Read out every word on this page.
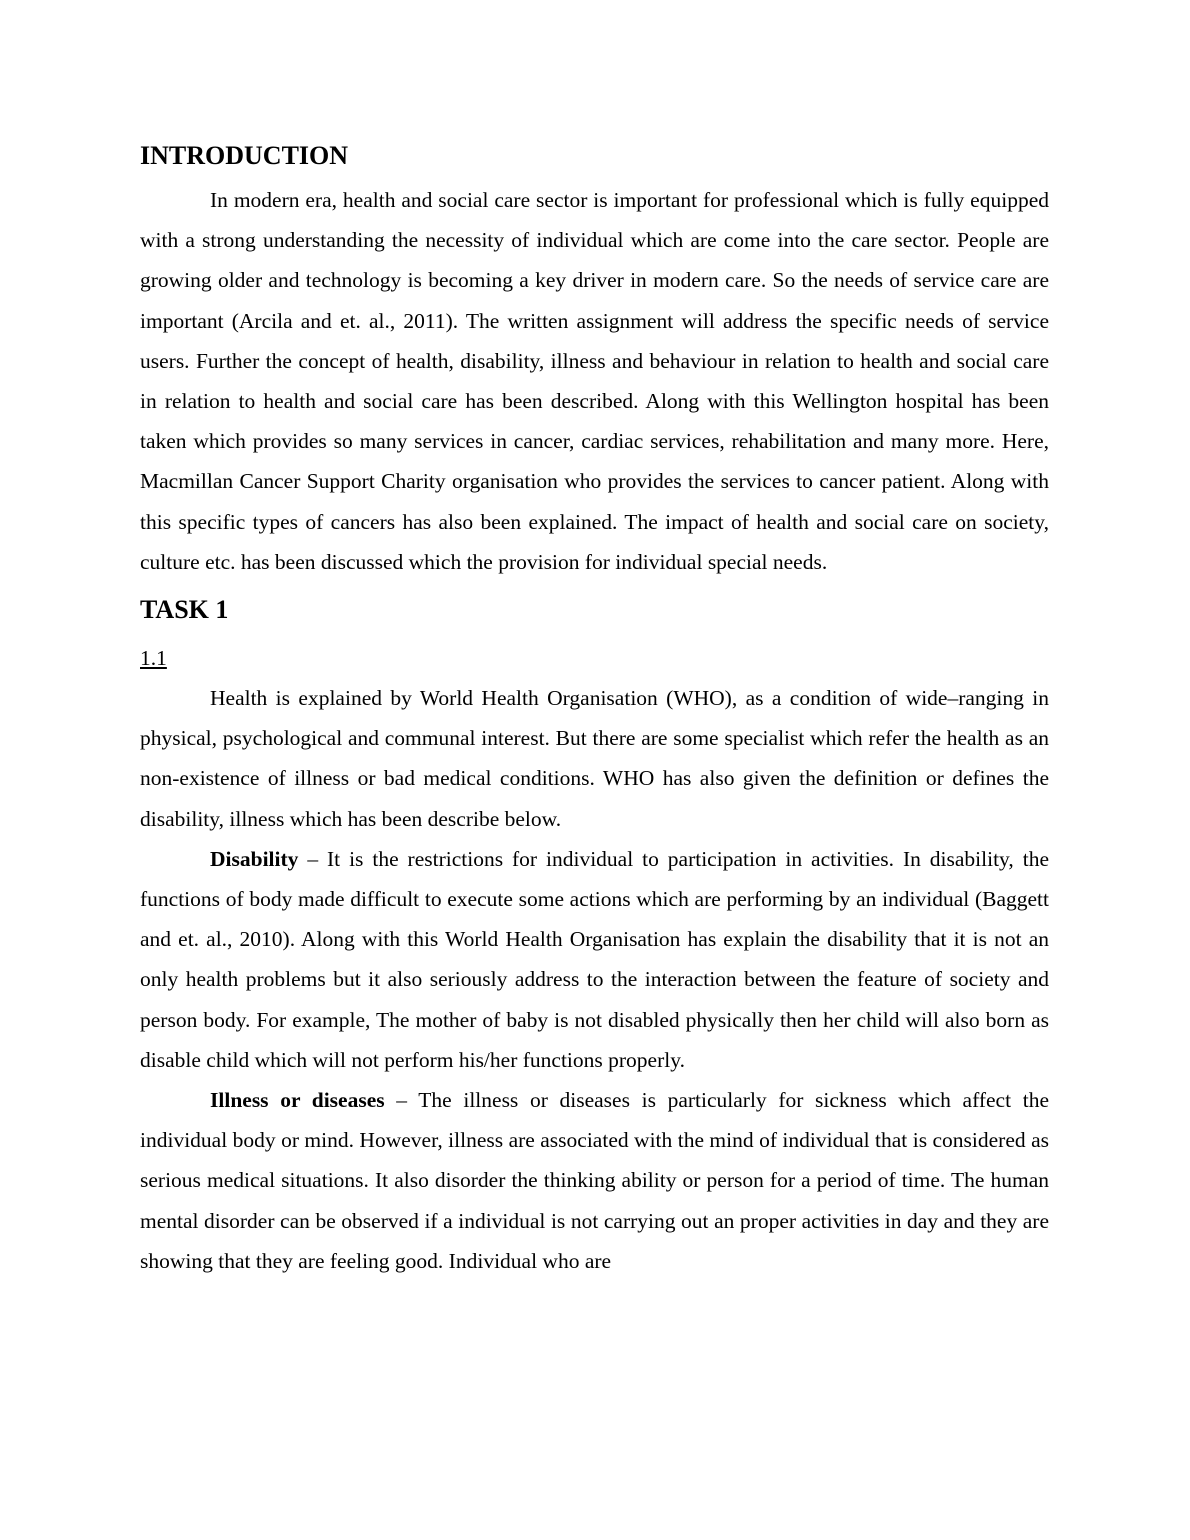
INTRODUCTION

In modern era, health and social care sector is important for professional which is fully equipped with a strong understanding the necessity of individual which are come into the care sector. People are growing older and technology is becoming a key driver in modern care. So the needs of service care are important (Arcila and et. al., 2011). The written assignment will address the specific needs of service users. Further the concept of health, disability, illness and behaviour in relation to health and social care in relation to health and social care has been described. Along with this Wellington hospital has been taken which provides so many services in cancer, cardiac services, rehabilitation and many more. Here, Macmillan Cancer Support Charity organisation who provides the services to cancer patient. Along with this specific types of cancers has also been explained. The impact of health and social care on society, culture etc. has been discussed which the provision for individual special needs.

TASK 1

1.1

Health is explained by World Health Organisation (WHO), as a condition of wide–ranging in physical, psychological and communal interest. But there are some specialist which refer the health as an non-existence of illness or bad medical conditions. WHO has also given the definition or defines the disability, illness which has been describe below.

Disability – It is the restrictions for individual to participation in activities. In disability, the functions of body made difficult to execute some actions which are performing by an individual (Baggett and et. al., 2010). Along with this World Health Organisation has explain the disability that it is not an only health problems but it also seriously address to the interaction between the feature of society and person body. For example, The mother of baby is not disabled physically then her child will also born as disable child which will not perform his/her functions properly.

Illness or diseases – The illness or diseases is particularly for sickness which affect the individual body or mind. However, illness are associated with the mind of individual that is considered as serious medical situations. It also disorder the thinking ability or person for a period of time. The human mental disorder can be observed if a individual is not carrying out an proper activities in day and they are showing that they are feeling good. Individual who are
